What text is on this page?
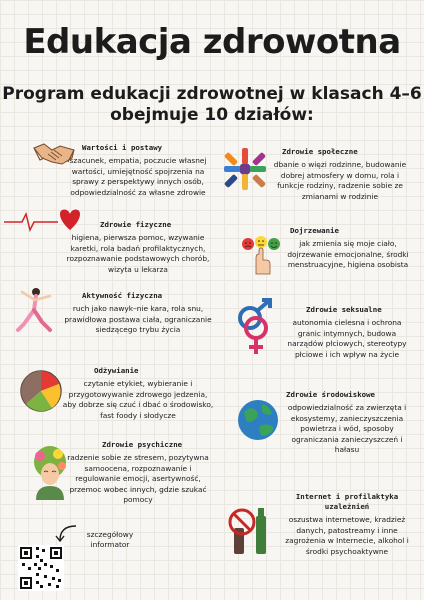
Edukacja zdrowotna
Program edukacji zdrowotnej w klasach 4–6
obejmuje 10 działów:
Wartości i postawy
szacunek, empatia, poczucie własnej wartości, umiejętność spojrzenia na sprawy z perspektywy innych osób, odpowiedzialność za własne zdrowie
Zdrowie fizyczne
higiena, pierwsza pomoc, wzywanie karetki, rola badań profilaktycznych, rozpoznawanie podstawowych chorób, wizyta u lekarza
Aktywność fizyczna
ruch jako nawyk–nie kara, rola snu, prawidłowa postawa ciała, ograniczanie siedzącego trybu życia
Odżywianie
czytanie etykiet, wybieranie i przygotowywanie zdrowego jedzenia, aby dobrze się czuć i dbać o środowisko, fast foody i słodycze
Zdrowie psychiczne
radzenie sobie ze stresem, pozytywna samoocena, rozpoznawanie i regulowanie emocji, asertywność, przemoc wobec innych, gdzie szukać pomocy
Zdrowie społeczne
dbanie o więzi rodzinne, budowanie dobrej atmosfery w domu, rola i funkcje rodziny, radzenie sobie ze zmianami w rodzinie
Dojrzewanie
jak zmienia się moje ciało, dojrzewanie emocjonalne, środki menstruacyjne, higiena osobista
Zdrowie seksualne
autonomia cielesna i ochrona granic intymnych, budowa narządów płciowych, stereotypy płciowe i ich wpływ na życie
Zdrowie środowiskowe
odpowiedzialność za zwierzęta i ekosystemy, zanieczyszczenia powietrza i wód, sposoby ograniczania zanieczyszczeń i hałasu
Internet i profilaktyka uzależnień
oszustwa internetowe, kradzież danych, patostreamy i inne zagrożenia w Internecie, alkohol i środki psychoaktywne
szczegółowy informator
